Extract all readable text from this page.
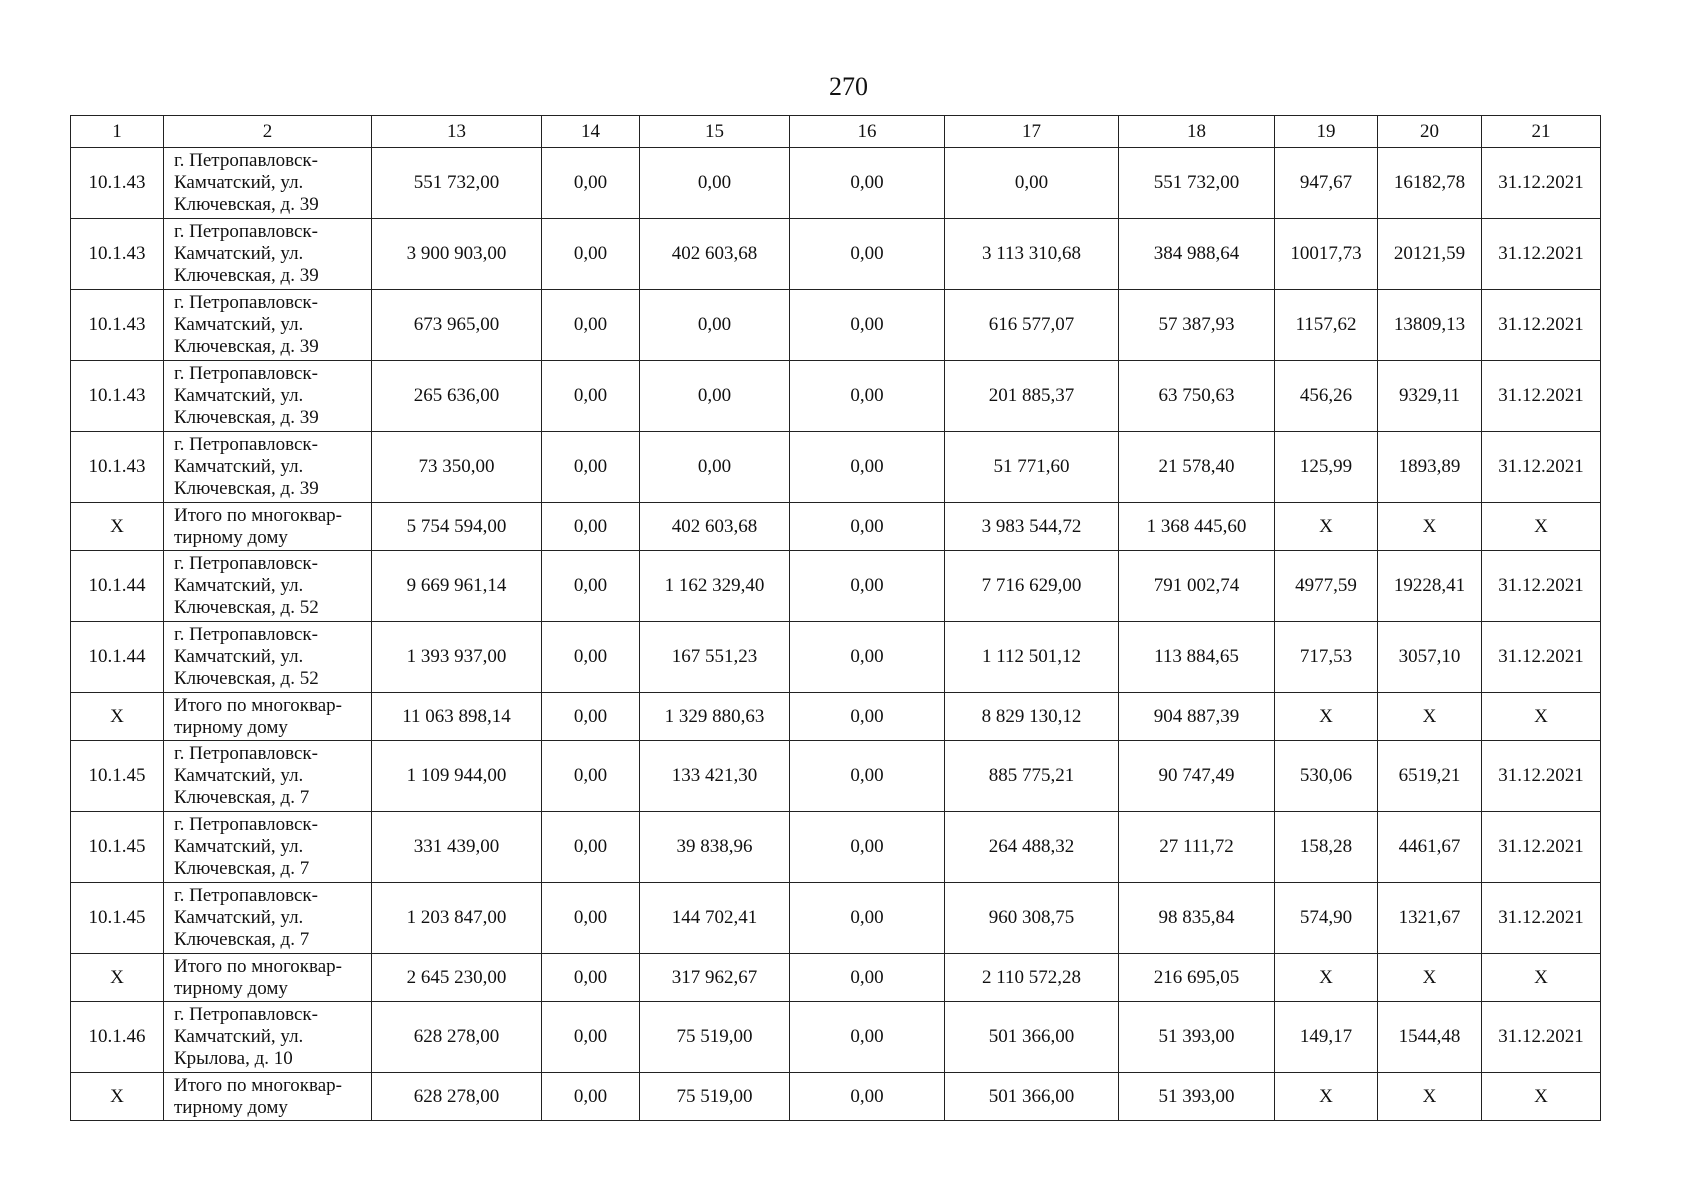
270
1	2	13	14	15	16	17	18	19	20	21
10.1.43	г. Петропавловск-
Камчатский, ул.
Ключевская, д. 39	551 732,00	0,00	0,00	0,00	0,00	551 732,00	947,67	16182,78	31.12.2021
10.1.43	г. Петропавловск-
Камчатский, ул.
Ключевская, д. 39	3 900 903,00	0,00	402 603,68	0,00	3 113 310,68	384 988,64	10017,73	20121,59	31.12.2021
10.1.43	г. Петропавловск-
Камчатский, ул.
Ключевская, д. 39	673 965,00	0,00	0,00	0,00	616 577,07	57 387,93	1157,62	13809,13	31.12.2021
10.1.43	г. Петропавловск-
Камчатский, ул.
Ключевская, д. 39	265 636,00	0,00	0,00	0,00	201 885,37	63 750,63	456,26	9329,11	31.12.2021
10.1.43	г. Петропавловск-
Камчатский, ул.
Ключевская, д. 39	73 350,00	0,00	0,00	0,00	51 771,60	21 578,40	125,99	1893,89	31.12.2021
X	Итого по многоквар-
тирному дому	5 754 594,00	0,00	402 603,68	0,00	3 983 544,72	1 368 445,60	X	X	X
10.1.44	г. Петропавловск-
Камчатский, ул.
Ключевская, д. 52	9 669 961,14	0,00	1 162 329,40	0,00	7 716 629,00	791 002,74	4977,59	19228,41	31.12.2021
10.1.44	г. Петропавловск-
Камчатский, ул.
Ключевская, д. 52	1 393 937,00	0,00	167 551,23	0,00	1 112 501,12	113 884,65	717,53	3057,10	31.12.2021
X	Итого по многоквар-
тирному дому	11 063 898,14	0,00	1 329 880,63	0,00	8 829 130,12	904 887,39	X	X	X
10.1.45	г. Петропавловск-
Камчатский, ул.
Ключевская, д. 7	1 109 944,00	0,00	133 421,30	0,00	885 775,21	90 747,49	530,06	6519,21	31.12.2021
10.1.45	г. Петропавловск-
Камчатский, ул.
Ключевская, д. 7	331 439,00	0,00	39 838,96	0,00	264 488,32	27 111,72	158,28	4461,67	31.12.2021
10.1.45	г. Петропавловск-
Камчатский, ул.
Ключевская, д. 7	1 203 847,00	0,00	144 702,41	0,00	960 308,75	98 835,84	574,90	1321,67	31.12.2021
X	Итого по многоквар-
тирному дому	2 645 230,00	0,00	317 962,67	0,00	2 110 572,28	216 695,05	X	X	X
10.1.46	г. Петропавловск-
Камчатский, ул.
Крылова, д. 10	628 278,00	0,00	75 519,00	0,00	501 366,00	51 393,00	149,17	1544,48	31.12.2021
X	Итого по многоквар-
тирному дому	628 278,00	0,00	75 519,00	0,00	501 366,00	51 393,00	X	X	X
